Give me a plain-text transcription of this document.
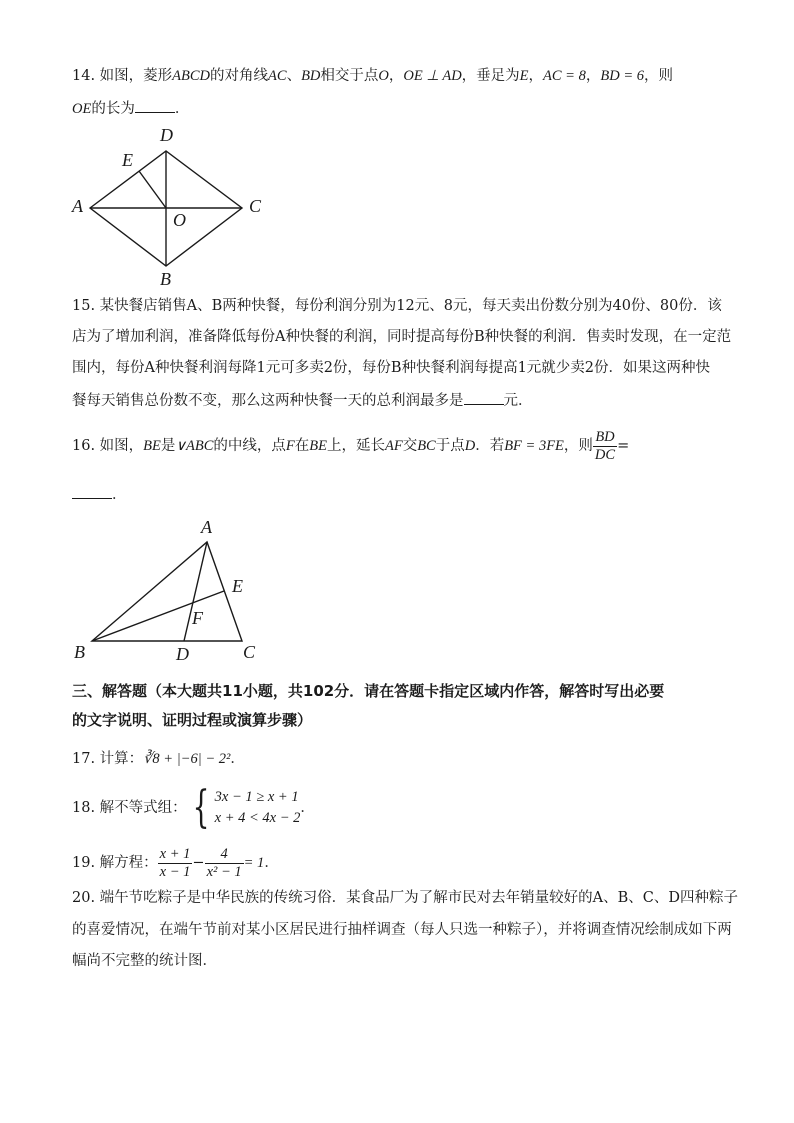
14. 如图，菱形ABCD的对角线AC、BD相交于点O，OE ⊥ AD，垂足为E，AC = 8，BD = 6，则
OE的长为	．
D
E
A	C
O
B
15. 某快餐店销售A、B两种快餐，每份利润分别为12元、8元，每天卖出份数分别为40份、80份．该
店为了增加利润，准备降低每份A种快餐的利润，同时提高每份B种快餐的利润．售卖时发现，在一定范
围内，每份A种快餐利润每降1元可多卖2份，每份B种快餐利润每提高1元就少卖2份．如果这两种快
餐每天销售总份数不变，那么这两种快餐一天的总利润最多是	元．
16. 如图，BE是∨ABC的中线，点F在BE上，延长AF交BC于点D．若BF = 3FE，则 $\frac{BD}{DC}$ =
．
A
E
F
B	D	C
三、解答题（本大题共11小题，共102分．请在答题卡指定区域内作答，解答时写出必要
的文字说明、证明过程或演算步骤）
17. 计算：∛8 + |−6| − 2²．
18. 解不等式组： { 3x − 1 ≥ x + 1
x + 4 < 4x − 2
．
19. 解方程： $\frac{x + 1}{x - 1} - \frac{4}{\text{x² − 1}} = 1$．
20. 端午节吃粽子是中华民族的传统习俗．某食品厂为了解市民对去年销量较好的A、B、C、D四种粽子
的喜爱情况，在端午节前对某小区居民进行抽样调查（每人只选一种粽子），并将调查情况绘制成如下两
幅尚不完整的统计图．
